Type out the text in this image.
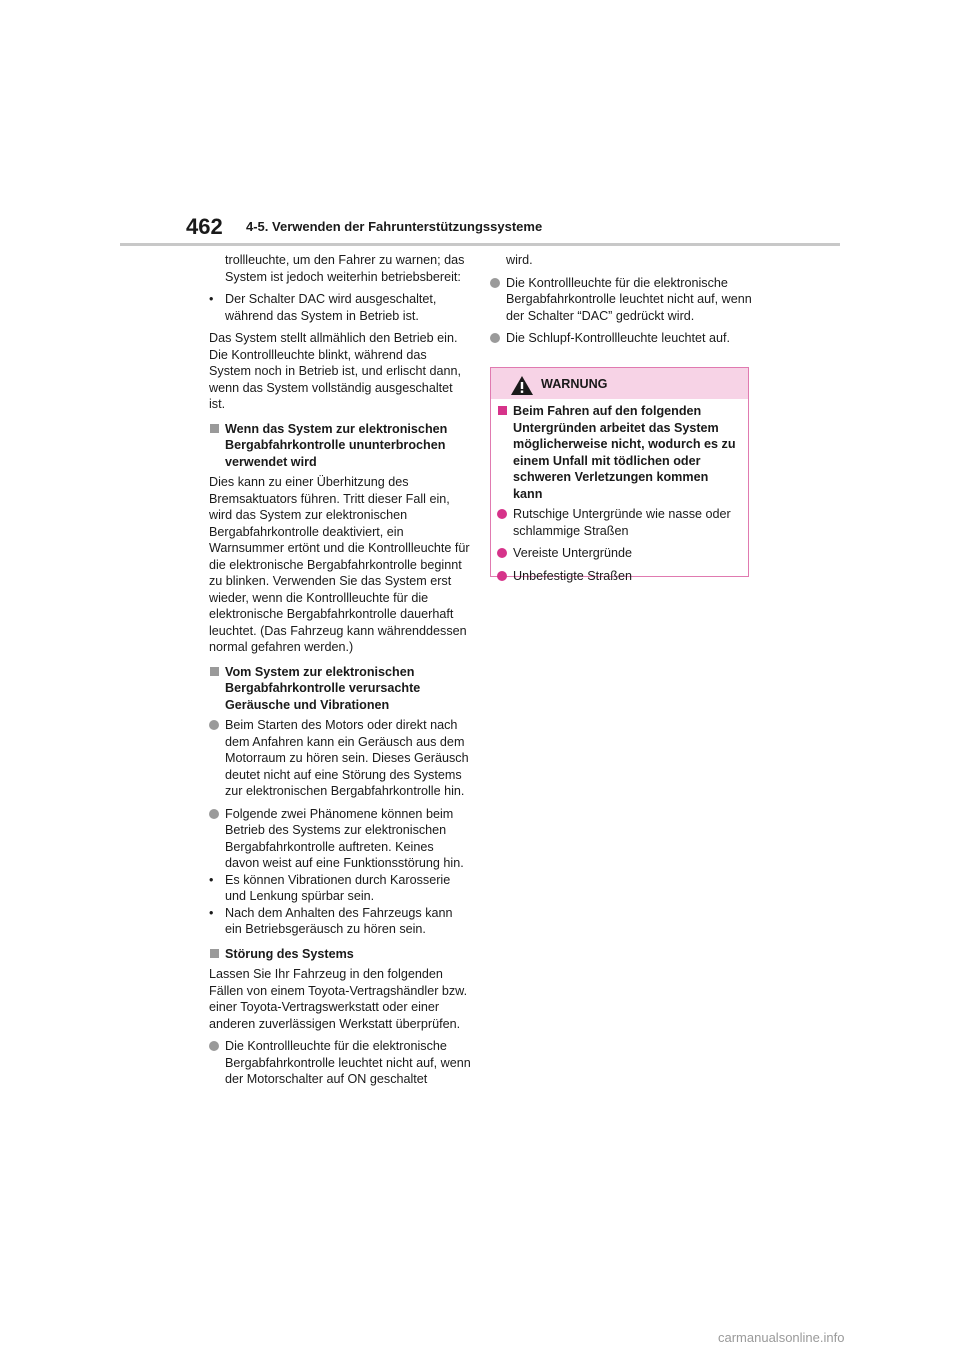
462 4-5. Verwenden der Fahrunterstützungssysteme

trollleuchte, um den Fahrer zu warnen; das System ist jedoch weiterhin betriebsbereit:

• Der Schalter DAC wird ausgeschaltet, während das System in Betrieb ist.

Das System stellt allmählich den Betrieb ein. Die Kontrollleuchte blinkt, während das System noch in Betrieb ist, und erlischt dann, wenn das System vollständig ausgeschaltet ist.

Wenn das System zur elektronischen Bergabfahrkontrolle ununterbrochen verwendet wird

Dies kann zu einer Überhitzung des Bremsaktuators führen. Tritt dieser Fall ein, wird das System zur elektronischen Bergabfahrkontrolle deaktiviert, ein Warnsummer ertönt und die Kontrollleuchte für die elektronische Bergabfahrkontrolle beginnt zu blinken. Verwenden Sie das System erst wieder, wenn die Kontrollleuchte für die elektronische Bergabfahrkontrolle dauerhaft leuchtet. (Das Fahrzeug kann währenddessen normal gefahren werden.)

Vom System zur elektronischen Bergabfahrkontrolle verursachte Geräusche und Vibrationen
Beim Starten des Motors oder direkt nach dem Anfahren kann ein Geräusch aus dem Motorraum zu hören sein. Dieses Geräusch deutet nicht auf eine Störung des Systems zur elektronischen Bergabfahrkontrolle hin.
Folgende zwei Phänomene können beim Betrieb des Systems zur elektronischen Bergabfahrkontrolle auftreten. Keines davon weist auf eine Funktionsstörung hin.

• Es können Vibrationen durch Karosserie und Lenkung spürbar sein.

• Nach dem Anhalten des Fahrzeugs kann ein Betriebsgeräusch zu hören sein.

Störung des Systems

Lassen Sie Ihr Fahrzeug in den folgenden Fällen von einem Toyota-Vertragshändler bzw. einer Toyota-Vertragswerkstatt oder einer anderen zuverlässigen Werkstatt überprüfen.

Die Kontrollleuchte für die elektronische Bergabfahrkontrolle leuchtet nicht auf, wenn der Motorschalter auf ON geschaltet

wird.

Die Kontrollleuchte für die elektronische Bergabfahrkontrolle leuchtet nicht auf, wenn der Schalter “DAC” gedrückt wird.
Die Schlupf-Kontrollleuchte leuchtet auf.
WARNUNG
Beim Fahren auf den folgenden Untergründen arbeitet das System möglicherweise nicht, wodurch es zu einem Unfall mit tödlichen oder schweren Verletzungen kommen kann
Rutschige Untergründe wie nasse oder schlammige Straßen
Vereiste Untergründe
Unbefestigte Straßen
carmanualsonline.info
